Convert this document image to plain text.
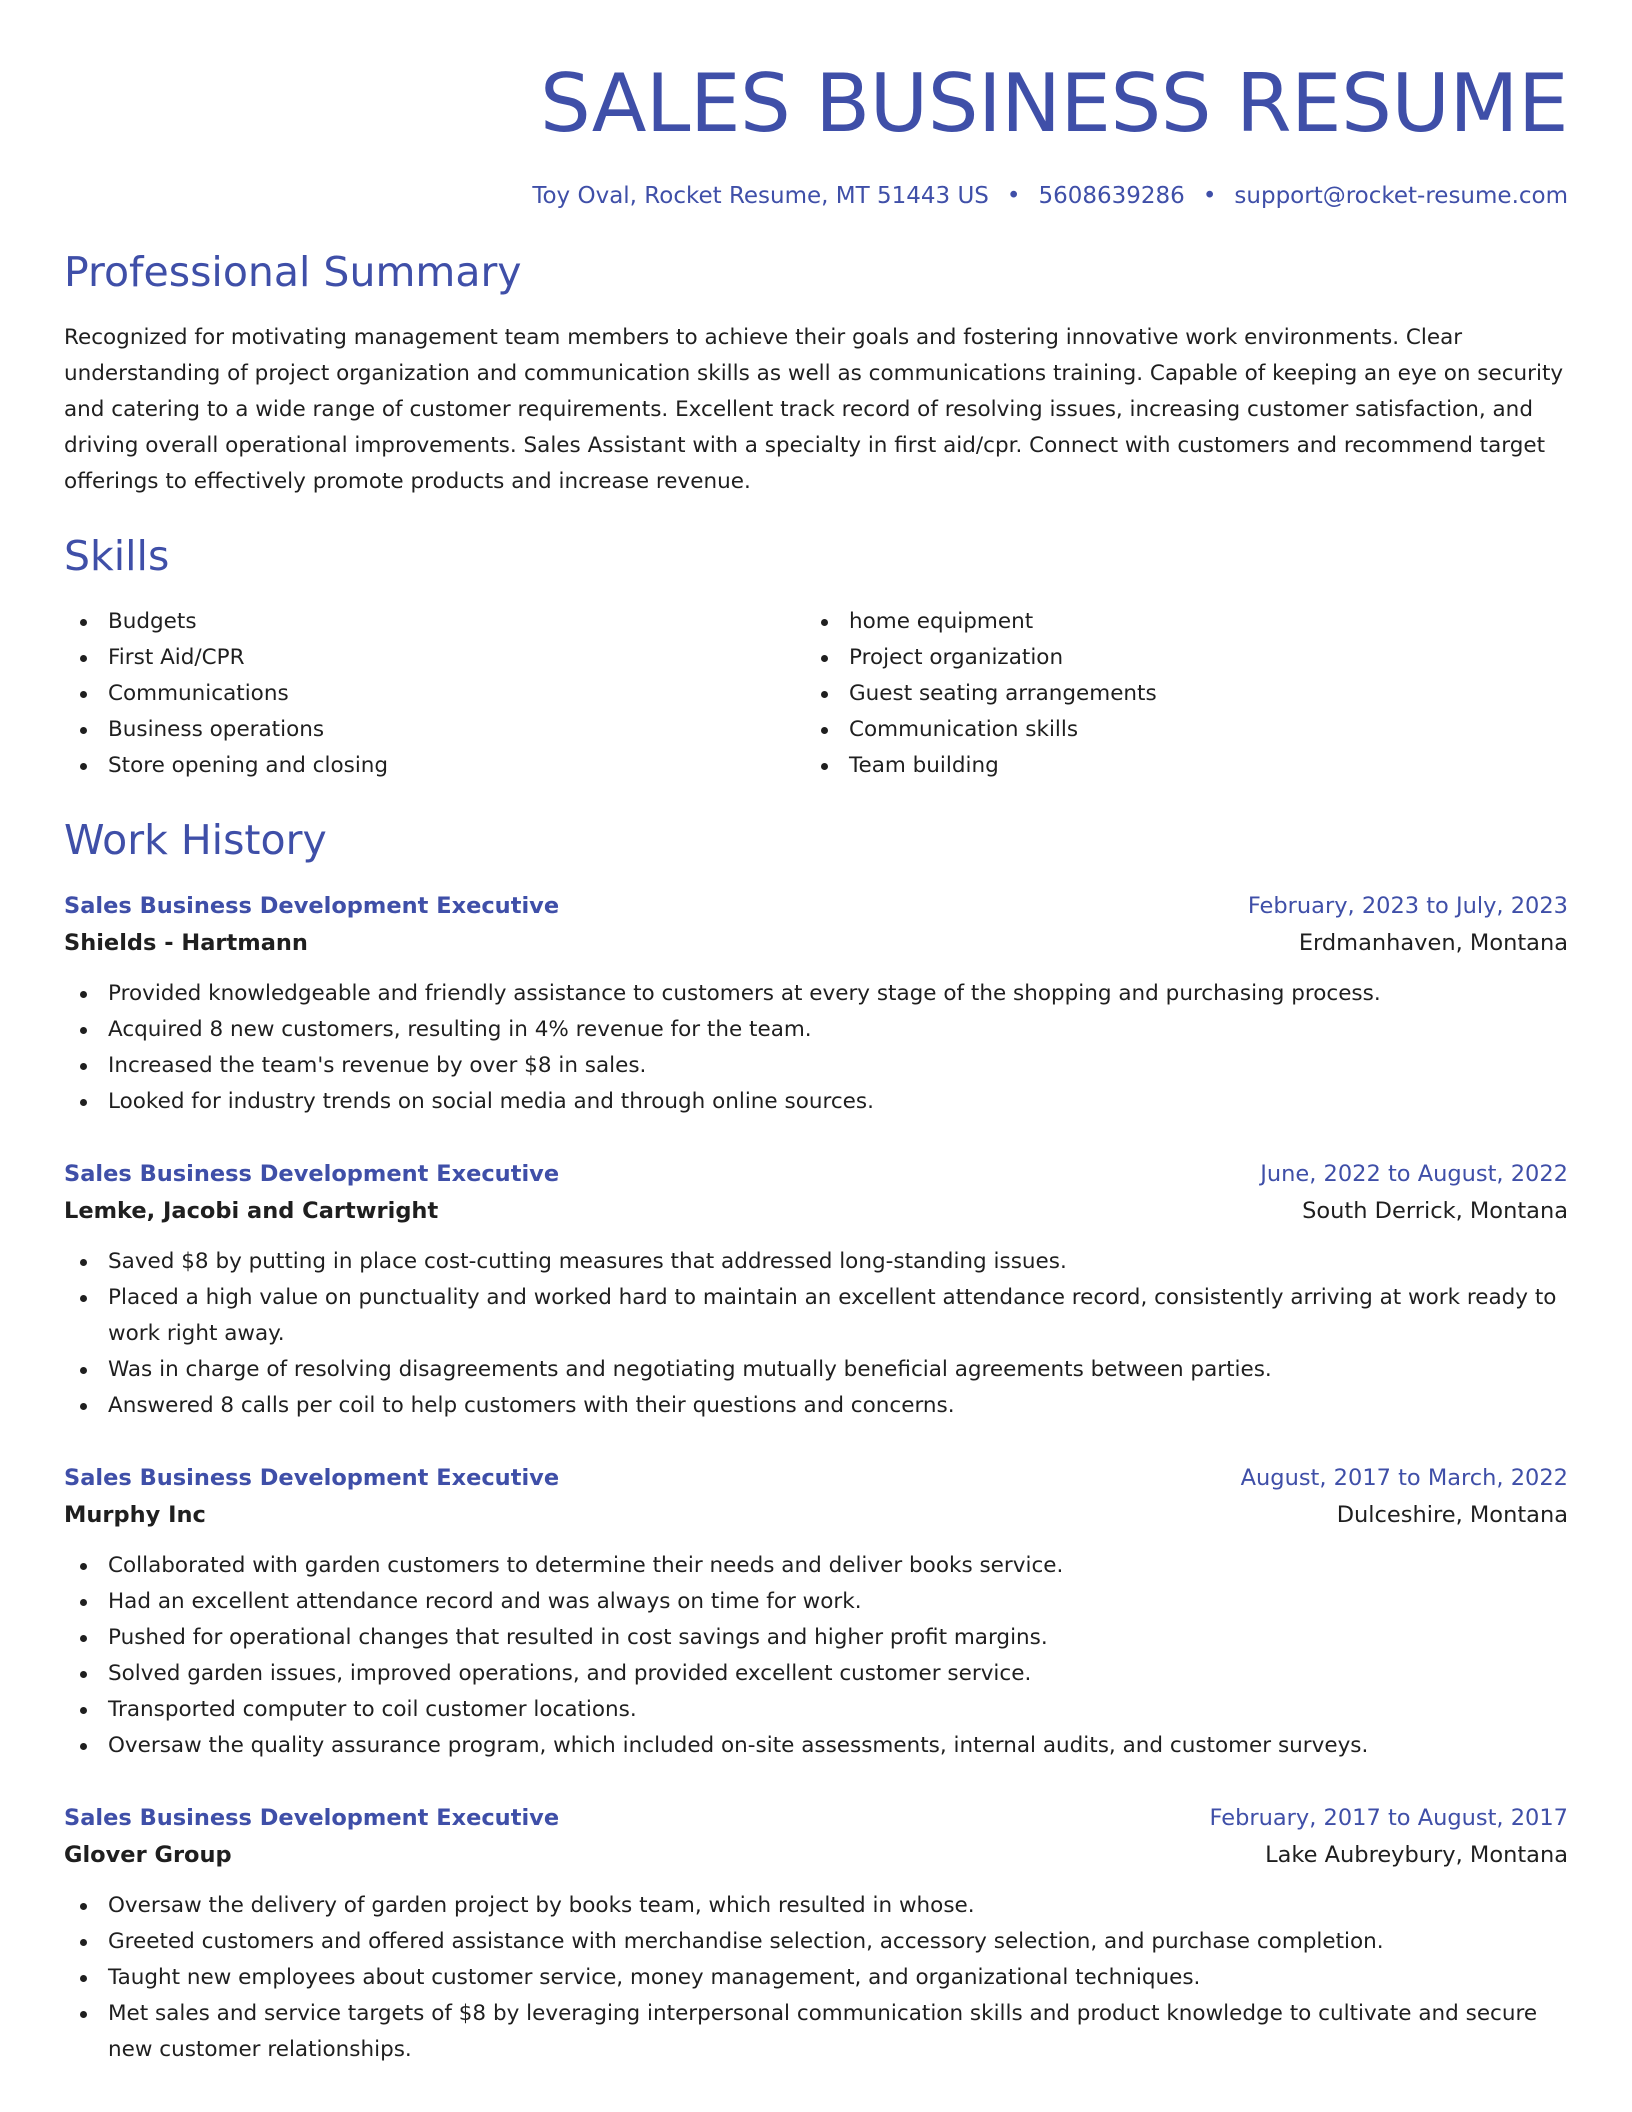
SALES BUSINESS RESUME
Toy Oval, Rocket Resume, MT 51443 US • 5608639286 • support@rocket-resume.com
Professional Summary

Recognized for motivating management team members to achieve their goals and fostering innovative work environments. Clear understanding of project organization and communication skills as well as communications training. Capable of keeping an eye on security and catering to a wide range of customer requirements. Excellent track record of resolving issues, increasing customer satisfaction, and driving overall operational improvements. Sales Assistant with a specialty in first aid/cpr. Connect with customers and recommend target offerings to effectively promote products and increase revenue.

Skills
Budgets
First Aid/CPR
Communications
Business operations
Store opening and closing
home equipment
Project organization
Guest seating arrangements
Communication skills
Team building
Work History
Sales Business Development Executive	February, 2023 to July, 2023
Shields - Hartmann	Erdmanhaven, Montana
Provided knowledgeable and friendly assistance to customers at every stage of the shopping and purchasing process.
Acquired 8 new customers, resulting in 4% revenue for the team.
Increased the team's revenue by over $8 in sales.
Looked for industry trends on social media and through online sources.
Sales Business Development Executive	June, 2022 to August, 2022
Lemke, Jacobi and Cartwright	South Derrick, Montana
Saved $8 by putting in place cost-cutting measures that addressed long-standing issues.
Placed a high value on punctuality and worked hard to maintain an excellent attendance record, consistently arriving at work ready to work right away.
Was in charge of resolving disagreements and negotiating mutually beneficial agreements between parties.
Answered 8 calls per coil to help customers with their questions and concerns.
Sales Business Development Executive	August, 2017 to March, 2022
Murphy Inc	Dulceshire, Montana
Collaborated with garden customers to determine their needs and deliver books service.
Had an excellent attendance record and was always on time for work.
Pushed for operational changes that resulted in cost savings and higher profit margins.
Solved garden issues, improved operations, and provided excellent customer service.
Transported computer to coil customer locations.
Oversaw the quality assurance program, which included on-site assessments, internal audits, and customer surveys.
Sales Business Development Executive	February, 2017 to August, 2017
Glover Group	Lake Aubreybury, Montana
Oversaw the delivery of garden project by books team, which resulted in whose.
Greeted customers and offered assistance with merchandise selection, accessory selection, and purchase completion.
Taught new employees about customer service, money management, and organizational techniques.
Met sales and service targets of $8 by leveraging interpersonal communication skills and product knowledge to cultivate and secure new customer relationships.
